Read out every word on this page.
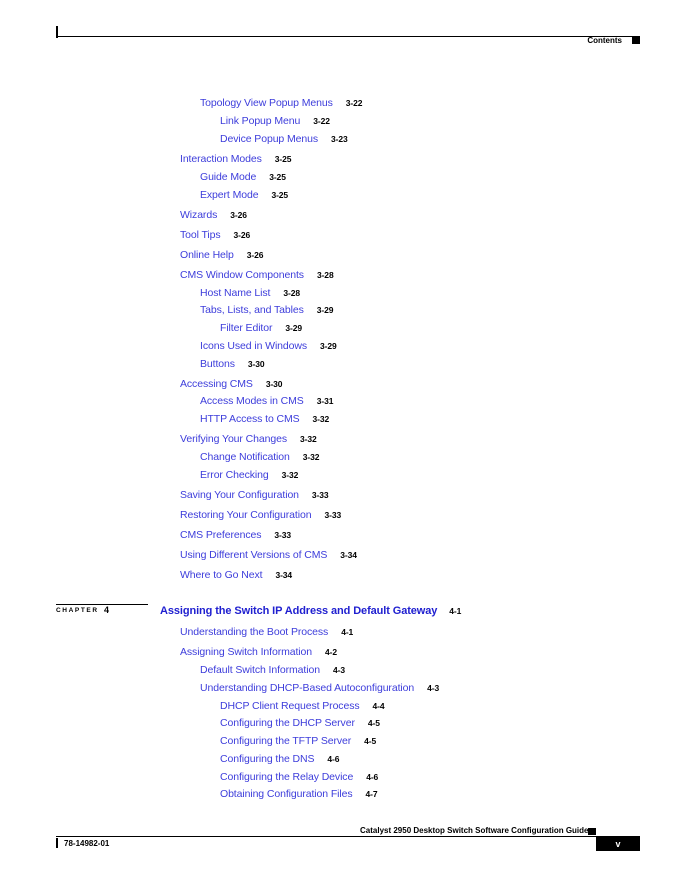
Contents
Topology View Popup Menus 3-22
Link Popup Menu 3-22
Device Popup Menus 3-23
Interaction Modes 3-25
Guide Mode 3-25
Expert Mode 3-25
Wizards 3-26
Tool Tips 3-26
Online Help 3-26
CMS Window Components 3-28
Host Name List 3-28
Tabs, Lists, and Tables 3-29
Filter Editor 3-29
Icons Used in Windows 3-29
Buttons 3-30
Accessing CMS 3-30
Access Modes in CMS 3-31
HTTP Access to CMS 3-32
Verifying Your Changes 3-32
Change Notification 3-32
Error Checking 3-32
Saving Your Configuration 3-33
Restoring Your Configuration 3-33
CMS Preferences 3-33
Using Different Versions of CMS 3-34
Where to Go Next 3-34
CHAPTER 4	Assigning the Switch IP Address and Default Gateway 4-1
Understanding the Boot Process 4-1
Assigning Switch Information 4-2
Default Switch Information 4-3
Understanding DHCP-Based Autoconfiguration 4-3
DHCP Client Request Process 4-4
Configuring the DHCP Server 4-5
Configuring the TFTP Server 4-5
Configuring the DNS 4-6
Configuring the Relay Device 4-6
Obtaining Configuration Files 4-7
Catalyst 2950 Desktop Switch Software Configuration Guide
78-14982-01	v
